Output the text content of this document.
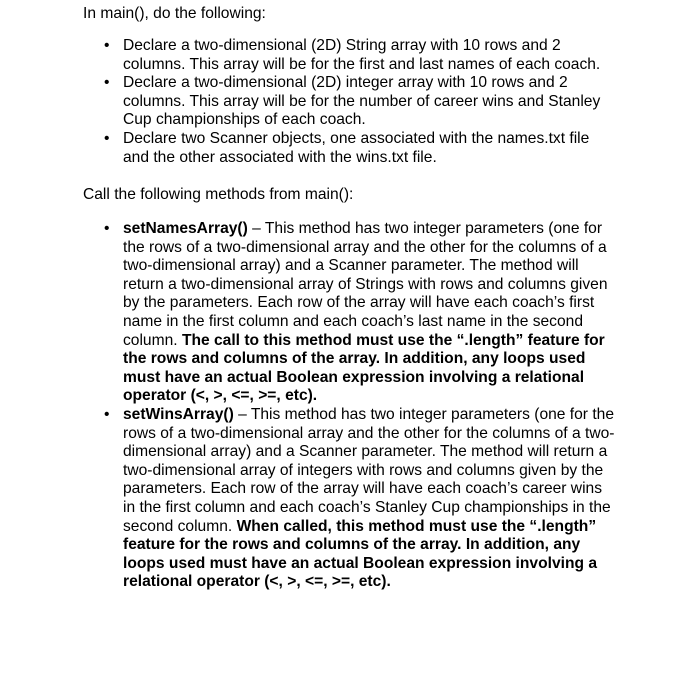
In main(), do the following:

• Declare a two-dimensional (2D) String array with 10 rows and 2 columns. This array will be for the first and last names of each coach.
• Declare a two-dimensional (2D) integer array with 10 rows and 2 columns. This array will be for the number of career wins and Stanley Cup championships of each coach.
• Declare two Scanner objects, one associated with the names.txt file and the other associated with the wins.txt file.

Call the following methods from main():

• setNamesArray() – This method has two integer parameters (one for the rows of a two-dimensional array and the other for the columns of a two-dimensional array) and a Scanner parameter. The method will return a two-dimensional array of Strings with rows and columns given by the parameters. Each row of the array will have each coach’s first name in the first column and each coach’s last name in the second column. The call to this method must use the “.length” feature for the rows and columns of the array. In addition, any loops used must have an actual Boolean expression involving a relational operator (<, >, <=, >=, etc).
• setWinsArray() – This method has two integer parameters (one for the rows of a two-dimensional array and the other for the columns of a two-dimensional array) and a Scanner parameter. The method will return a two-dimensional array of integers with rows and columns given by the parameters. Each row of the array will have each coach’s career wins in the first column and each coach’s Stanley Cup championships in the second column. When called, this method must use the “.length” feature for the rows and columns of the array. In addition, any loops used must have an actual Boolean expression involving a relational operator (<, >, <=, >=, etc).
